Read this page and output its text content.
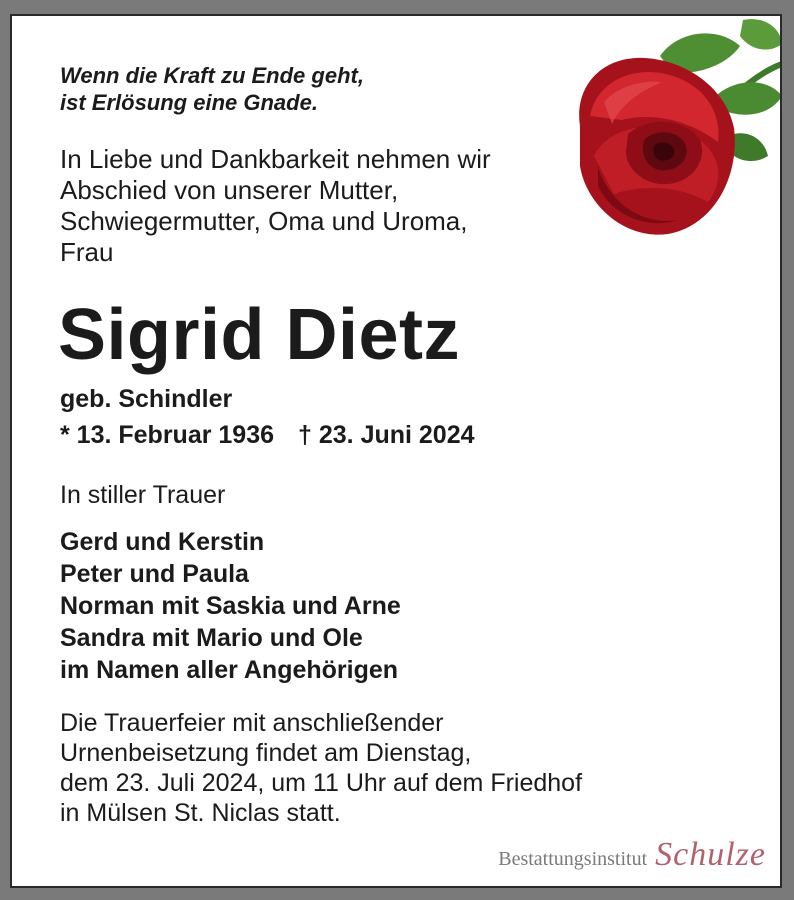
Wenn die Kraft zu Ende geht,
ist Erlösung eine Gnade.
In Liebe und Dankbarkeit nehmen wir
Abschied von unserer Mutter,
Schwiegermutter, Oma und Uroma,
Frau
Sigrid Dietz
geb. Schindler
* 13. Februar 1936 † 23. Juni 2024
In stiller Trauer
Gerd und Kerstin
Peter und Paula
Norman mit Saskia und Arne
Sandra mit Mario und Ole
im Namen aller Angehörigen
Die Trauerfeier mit anschließender
Urnenbeisetzung findet am Dienstag,
dem 23. Juli 2024, um 11 Uhr auf dem Friedhof
in Mülsen St. Niclas statt.
Bestattungsinstitut Schulze
